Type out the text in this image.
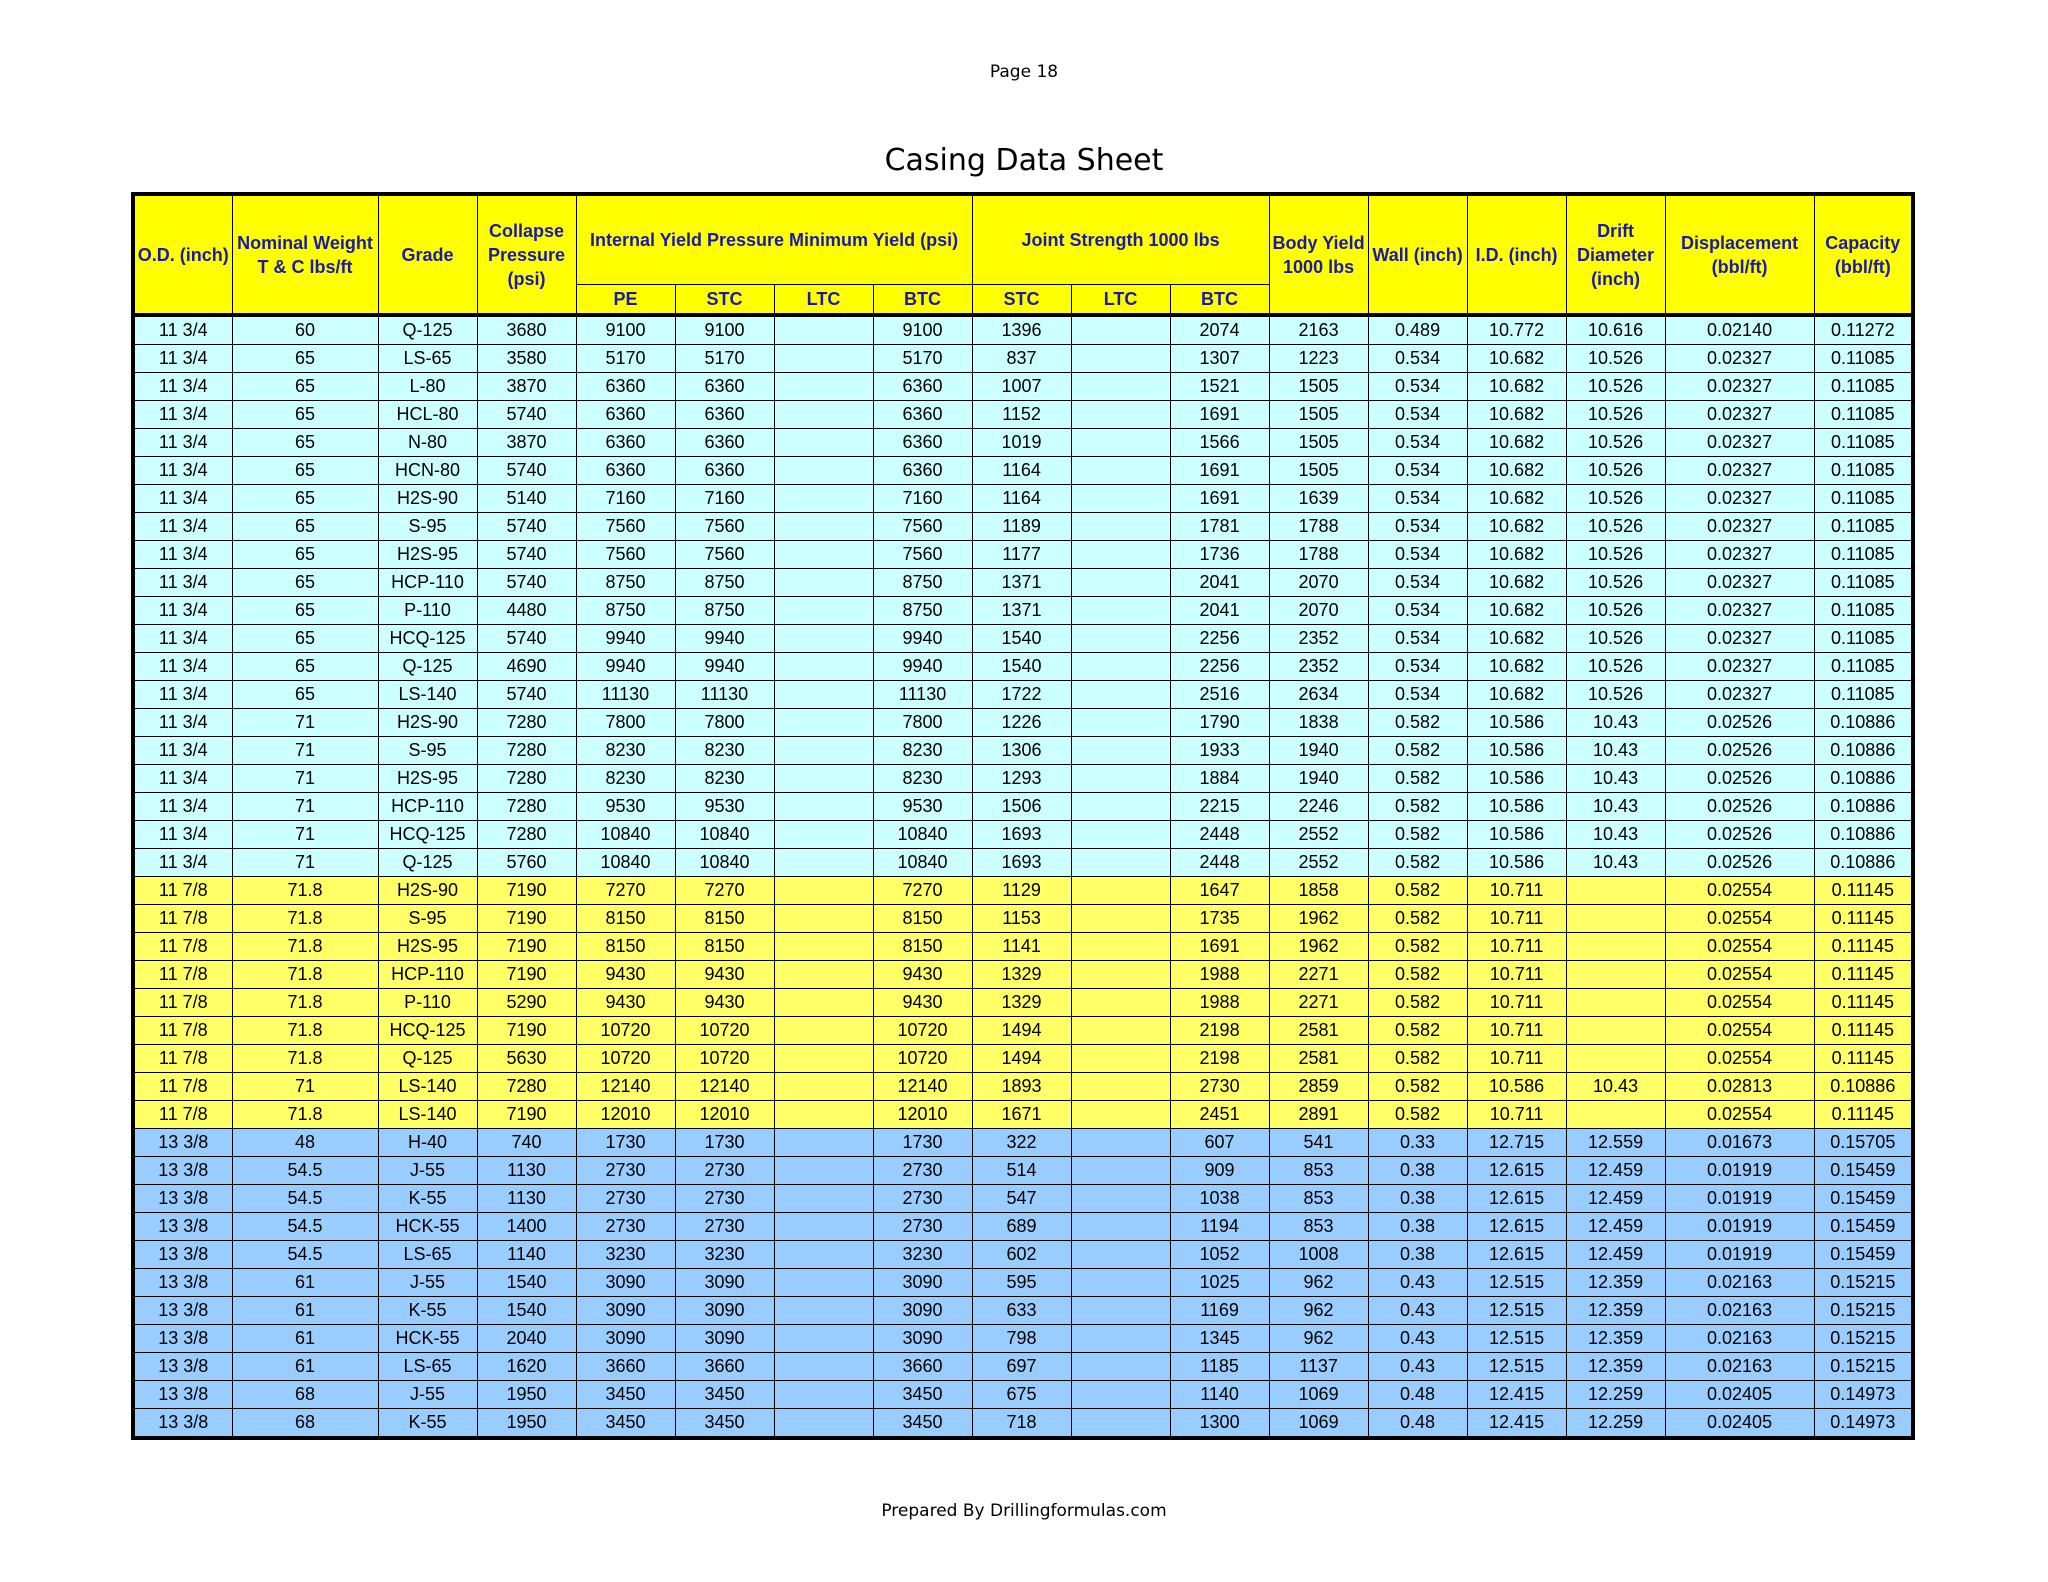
Page 18
Casing Data Sheet
O.D. (inch)	Nominal Weight T & C lbs/ft	Grade	Collapse Pressure (psi)	Internal Yield Pressure Minimum Yield (psi)				Joint Strength 1000 lbs			Body Yield 1000 lbs	Wall (inch)	I.D. (inch)	Drift Diameter (inch)	Displacement (bbl/ft)	Capacity (bbl/ft)
				PE	STC	LTC	BTC	STC	LTC	BTC						
11 3/4	60	Q-125	3680	9100	9100		9100	1396		2074	2163	0.489	10.772	10.616	0.02140	0.11272
11 3/4	65	LS-65	3580	5170	5170		5170	837		1307	1223	0.534	10.682	10.526	0.02327	0.11085
11 3/4	65	L-80	3870	6360	6360		6360	1007		1521	1505	0.534	10.682	10.526	0.02327	0.11085
11 3/4	65	HCL-80	5740	6360	6360		6360	1152		1691	1505	0.534	10.682	10.526	0.02327	0.11085
11 3/4	65	N-80	3870	6360	6360		6360	1019		1566	1505	0.534	10.682	10.526	0.02327	0.11085
11 3/4	65	HCN-80	5740	6360	6360		6360	1164		1691	1505	0.534	10.682	10.526	0.02327	0.11085
11 3/4	65	H2S-90	5140	7160	7160		7160	1164		1691	1639	0.534	10.682	10.526	0.02327	0.11085
11 3/4	65	S-95	5740	7560	7560		7560	1189		1781	1788	0.534	10.682	10.526	0.02327	0.11085
11 3/4	65	H2S-95	5740	7560	7560		7560	1177		1736	1788	0.534	10.682	10.526	0.02327	0.11085
11 3/4	65	HCP-110	5740	8750	8750		8750	1371		2041	2070	0.534	10.682	10.526	0.02327	0.11085
11 3/4	65	P-110	4480	8750	8750		8750	1371		2041	2070	0.534	10.682	10.526	0.02327	0.11085
11 3/4	65	HCQ-125	5740	9940	9940		9940	1540		2256	2352	0.534	10.682	10.526	0.02327	0.11085
11 3/4	65	Q-125	4690	9940	9940		9940	1540		2256	2352	0.534	10.682	10.526	0.02327	0.11085
11 3/4	65	LS-140	5740	11130	11130		11130	1722		2516	2634	0.534	10.682	10.526	0.02327	0.11085
11 3/4	71	H2S-90	7280	7800	7800		7800	1226		1790	1838	0.582	10.586	10.43	0.02526	0.10886
11 3/4	71	S-95	7280	8230	8230		8230	1306		1933	1940	0.582	10.586	10.43	0.02526	0.10886
11 3/4	71	H2S-95	7280	8230	8230		8230	1293		1884	1940	0.582	10.586	10.43	0.02526	0.10886
11 3/4	71	HCP-110	7280	9530	9530		9530	1506		2215	2246	0.582	10.586	10.43	0.02526	0.10886
11 3/4	71	HCQ-125	7280	10840	10840		10840	1693		2448	2552	0.582	10.586	10.43	0.02526	0.10886
11 3/4	71	Q-125	5760	10840	10840		10840	1693		2448	2552	0.582	10.586	10.43	0.02526	0.10886
11 7/8	71.8	H2S-90	7190	7270	7270		7270	1129		1647	1858	0.582	10.711		0.02554	0.11145
11 7/8	71.8	S-95	7190	8150	8150		8150	1153		1735	1962	0.582	10.711		0.02554	0.11145
11 7/8	71.8	H2S-95	7190	8150	8150		8150	1141		1691	1962	0.582	10.711		0.02554	0.11145
11 7/8	71.8	HCP-110	7190	9430	9430		9430	1329		1988	2271	0.582	10.711		0.02554	0.11145
11 7/8	71.8	P-110	5290	9430	9430		9430	1329		1988	2271	0.582	10.711		0.02554	0.11145
11 7/8	71.8	HCQ-125	7190	10720	10720		10720	1494		2198	2581	0.582	10.711		0.02554	0.11145
11 7/8	71.8	Q-125	5630	10720	10720		10720	1494		2198	2581	0.582	10.711		0.02554	0.11145
11 7/8	71	LS-140	7280	12140	12140		12140	1893		2730	2859	0.582	10.586	10.43	0.02813	0.10886
11 7/8	71.8	LS-140	7190	12010	12010		12010	1671		2451	2891	0.582	10.711		0.02554	0.11145
13 3/8	48	H-40	740	1730	1730		1730	322		607	541	0.33	12.715	12.559	0.01673	0.15705
13 3/8	54.5	J-55	1130	2730	2730		2730	514		909	853	0.38	12.615	12.459	0.01919	0.15459
13 3/8	54.5	K-55	1130	2730	2730		2730	547		1038	853	0.38	12.615	12.459	0.01919	0.15459
13 3/8	54.5	HCK-55	1400	2730	2730		2730	689		1194	853	0.38	12.615	12.459	0.01919	0.15459
13 3/8	54.5	LS-65	1140	3230	3230		3230	602		1052	1008	0.38	12.615	12.459	0.01919	0.15459
13 3/8	61	J-55	1540	3090	3090		3090	595		1025	962	0.43	12.515	12.359	0.02163	0.15215
13 3/8	61	K-55	1540	3090	3090		3090	633		1169	962	0.43	12.515	12.359	0.02163	0.15215
13 3/8	61	HCK-55	2040	3090	3090		3090	798		1345	962	0.43	12.515	12.359	0.02163	0.15215
13 3/8	61	LS-65	1620	3660	3660		3660	697		1185	1137	0.43	12.515	12.359	0.02163	0.15215
13 3/8	68	J-55	1950	3450	3450		3450	675		1140	1069	0.48	12.415	12.259	0.02405	0.14973
13 3/8	68	K-55	1950	3450	3450		3450	718		1300	1069	0.48	12.415	12.259	0.02405	0.14973
Prepared By Drillingformulas.com
